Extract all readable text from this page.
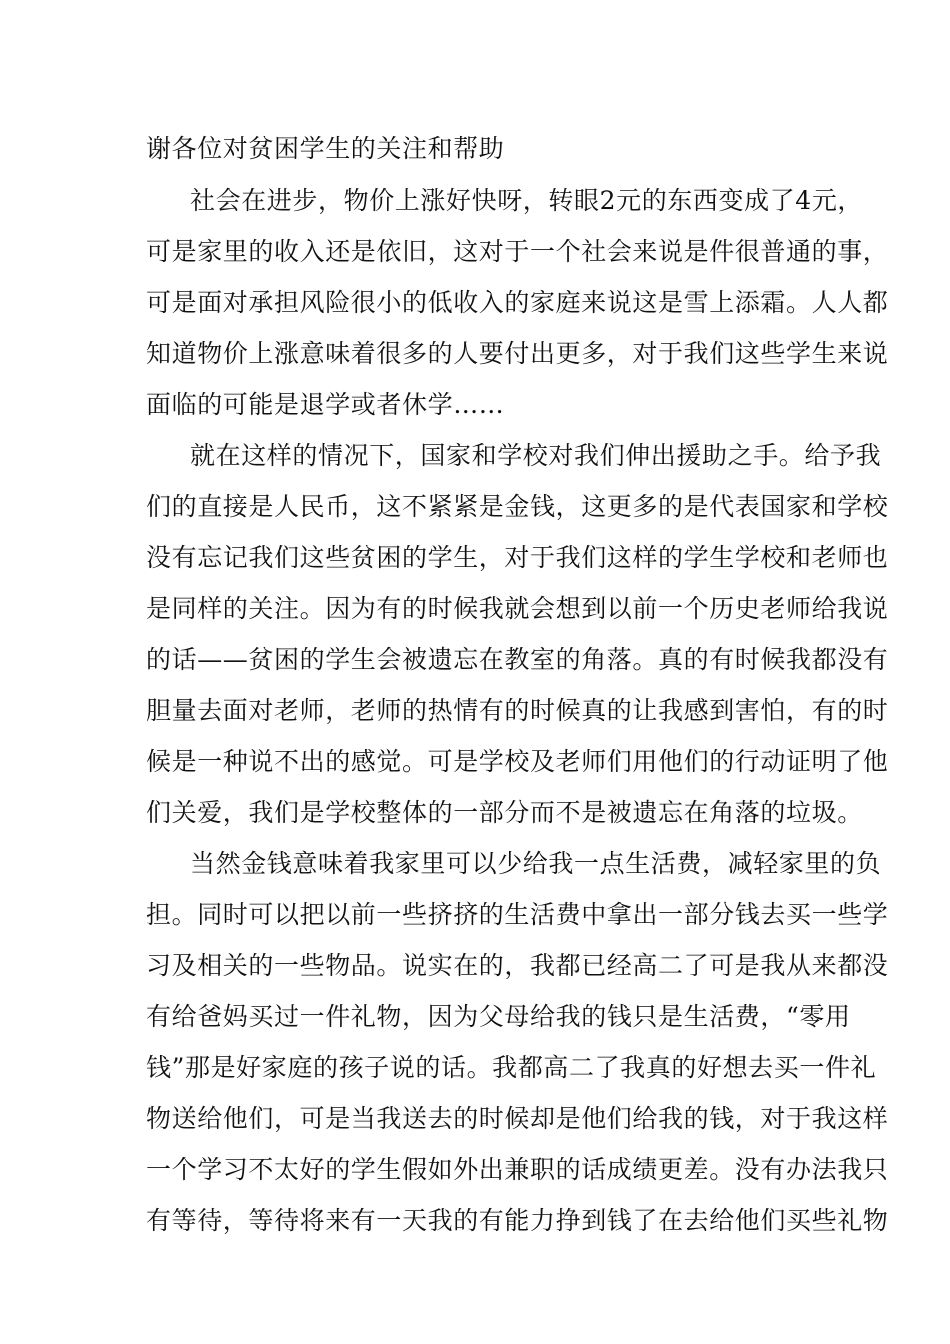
谢各位对贫困学生的关注和帮助
社会在进步，物价上涨好快呀，转眼2元的东西变成了4元，
可是家里的收入还是依旧，这对于一个社会来说是件很普通的事，
可是面对承担风险很小的低收入的家庭来说这是雪上添霜。人人都
知道物价上涨意味着很多的人要付出更多，对于我们这些学生来说
面临的可能是退学或者休学……
就在这样的情况下，国家和学校对我们伸出援助之手。给予我
们的直接是人民币，这不紧紧是金钱，这更多的是代表国家和学校
没有忘记我们这些贫困的学生，对于我们这样的学生学校和老师也
是同样的关注。因为有的时候我就会想到以前一个历史老师给我说
的话——贫困的学生会被遗忘在教室的角落。真的有时候我都没有
胆量去面对老师，老师的热情有的时候真的让我感到害怕，有的时
候是一种说不出的感觉。可是学校及老师们用他们的行动证明了他
们关爱，我们是学校整体的一部分而不是被遗忘在角落的垃圾。
当然金钱意味着我家里可以少给我一点生活费，减轻家里的负
担。同时可以把以前一些挤挤的生活费中拿出一部分钱去买一些学
习及相关的一些物品。说实在的，我都已经高二了可是我从来都没
有给爸妈买过一件礼物，因为父母给我的钱只是生活费，“零用
钱”那是好家庭的孩子说的话。我都高二了我真的好想去买一件礼
物送给他们，可是当我送去的时候却是他们给我的钱，对于我这样
一个学习不太好的学生假如外出兼职的话成绩更差。没有办法我只
有等待，等待将来有一天我的有能力挣到钱了在去给他们买些礼物
